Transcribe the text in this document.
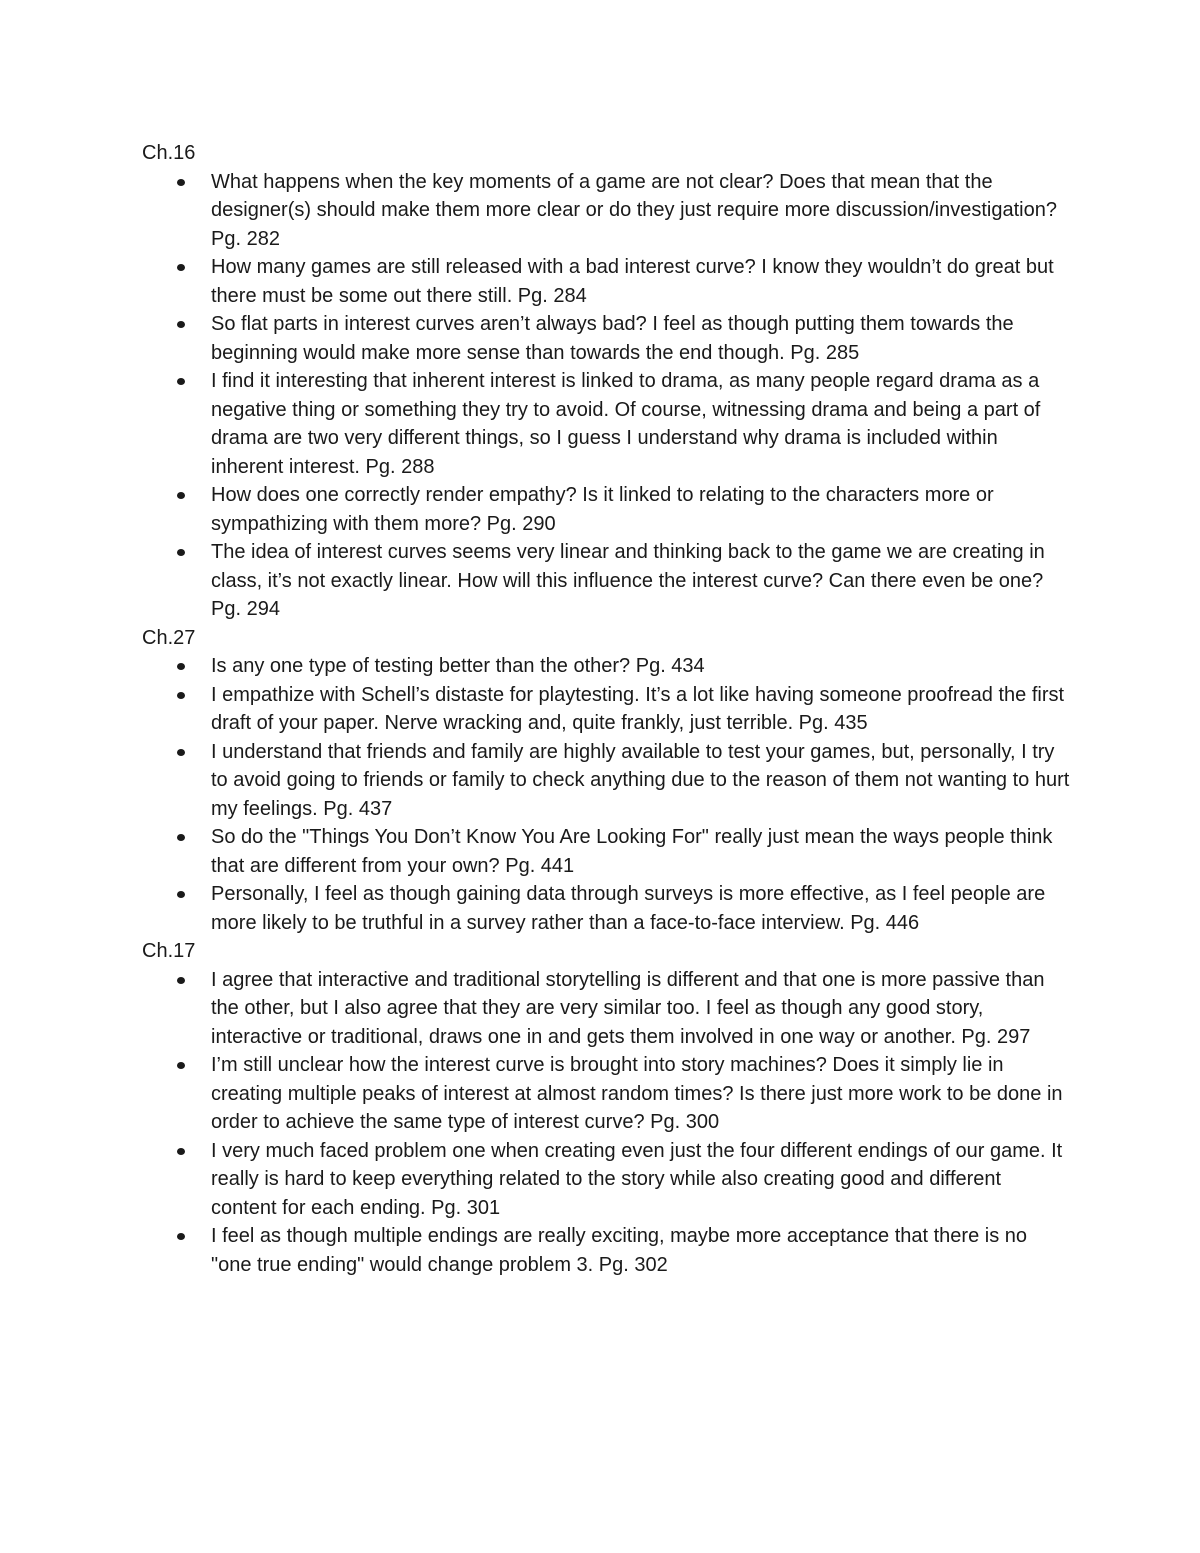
Ch.16
What happens when the key moments of a game are not clear? Does that mean that the designer(s) should make them more clear or do they just require more discussion/investigation? Pg. 282
How many games are still released with a bad interest curve? I know they wouldn’t do great but there must be some out there still. Pg. 284
So flat parts in interest curves aren’t always bad? I feel as though putting them towards the beginning would make more sense than towards the end though. Pg. 285
I find it interesting that inherent interest is linked to drama, as many people regard drama as a negative thing or something they try to avoid. Of course, witnessing drama and being a part of drama are two very different things, so I guess I understand why drama is included within inherent interest. Pg. 288
How does one correctly render empathy? Is it linked to relating to the characters more or sympathizing with them more? Pg. 290
The idea of interest curves seems very linear and thinking back to the game we are creating in class, it’s not exactly linear. How will this influence the interest curve? Can there even be one? Pg. 294
Ch.27
Is any one type of testing better than the other? Pg. 434
I empathize with Schell’s distaste for playtesting. It’s a lot like having someone proofread the first draft of your paper. Nerve wracking and, quite frankly, just terrible. Pg. 435
I understand that friends and family are highly available to test your games, but, personally, I try to avoid going to friends or family to check anything due to the reason of them not wanting to hurt my feelings. Pg. 437
So do the "Things You Don’t Know You Are Looking For" really just mean the ways people think that are different from your own? Pg. 441
Personally, I feel as though gaining data through surveys is more effective, as I feel people are more likely to be truthful in a survey rather than a face-to-face interview. Pg. 446
Ch.17
I agree that interactive and traditional storytelling is different and that one is more passive than the other, but I also agree that they are very similar too. I feel as though any good story, interactive or traditional, draws one in and gets them involved in one way or another. Pg. 297
I’m still unclear how the interest curve is brought into story machines? Does it simply lie in creating multiple peaks of interest at almost random times? Is there just more work to be done in order to achieve the same type of interest curve? Pg. 300
I very much faced problem one when creating even just the four different endings of our game. It really is hard to keep everything related to the story while also creating good and different content for each ending. Pg. 301
I feel as though multiple endings are really exciting, maybe more acceptance that there is no "one true ending" would change problem 3. Pg. 302
